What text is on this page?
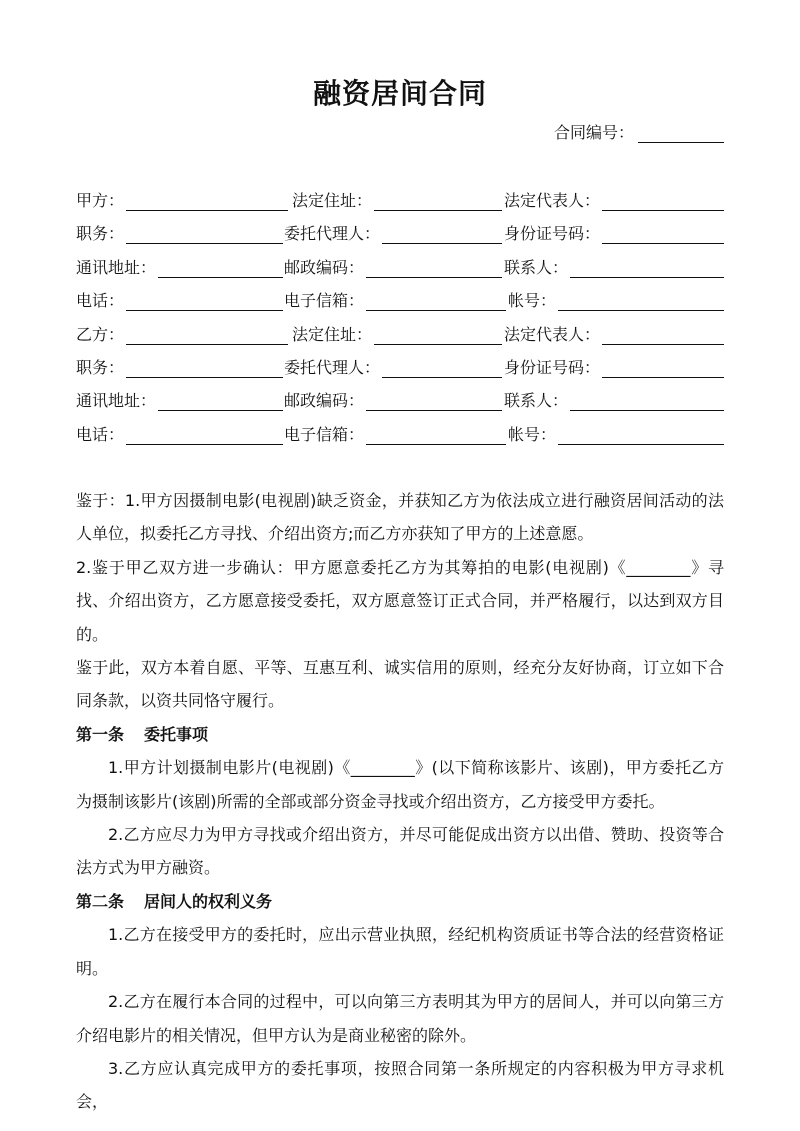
融资居间合同
合同编号：
甲方：	法定住址：	法定代表人：
职务：	委托代理人：	身份证号码：
通讯地址：	邮政编码：	联系人：
电话：	电子信箱：	帐号：
乙方：	法定住址：	法定代表人：
职务：	委托代理人：	身份证号码：
通讯地址：	邮政编码：	联系人：
电话：	电子信箱：	帐号：

鉴于：1.甲方因摄制电影(电视剧)缺乏资金，并获知乙方为依法成立进行融资居间活动的法人单位，拟委托乙方寻找、介绍出资方;而乙方亦获知了甲方的上述意愿。

2.鉴于甲乙双方进一步确认：甲方愿意委托乙方为其筹拍的电影(电视剧)《________》寻找、介绍出资方，乙方愿意接受委托，双方愿意签订正式合同，并严格履行，以达到双方目的。

鉴于此，双方本着自愿、平等、互惠互利、诚实信用的原则，经充分友好协商，订立如下合同条款，以资共同恪守履行。

第一条 委托事项

1.甲方计划摄制电影片(电视剧)《________》(以下简称该影片、该剧)，甲方委托乙方为摄制该影片(该剧)所需的全部或部分资金寻找或介绍出资方，乙方接受甲方委托。

2.乙方应尽力为甲方寻找或介绍出资方，并尽可能促成出资方以出借、赞助、投资等合法方式为甲方融资。

第二条 居间人的权利义务

1.乙方在接受甲方的委托时，应出示营业执照，经纪机构资质证书等合法的经营资格证明。

2.乙方在履行本合同的过程中，可以向第三方表明其为甲方的居间人，并可以向第三方介绍电影片的相关情况，但甲方认为是商业秘密的除外。

3.乙方应认真完成甲方的委托事项，按照合同第一条所规定的内容积极为甲方寻求机会，
